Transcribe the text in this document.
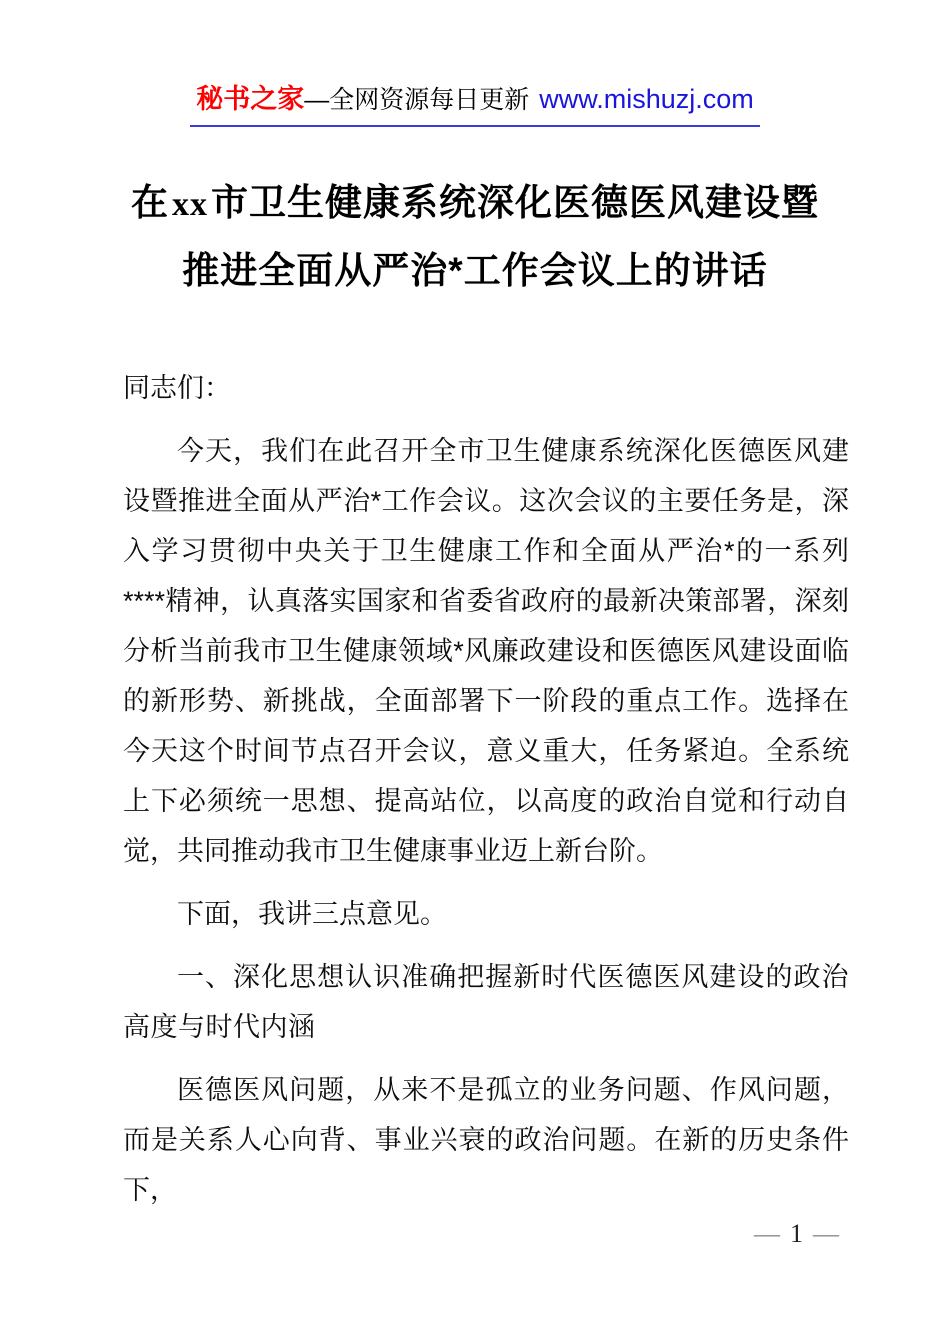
秘书之家—全网资源每日更新 www.mishuzj.com
在xx市卫生健康系统深化医德医风建设暨
推进全面从严治*工作会议上的讲话

同志们：

今天，我们在此召开全市卫生健康系统深化医德医风建设暨推进全面从严治*工作会议。这次会议的主要任务是，深入学习贯彻中央关于卫生健康工作和全面从严治*的一系列****精神，认真落实国家和省委省政府的最新决策部署，深刻分析当前我市卫生健康领域*风廉政建设和医德医风建设面临的新形势、新挑战，全面部署下一阶段的重点工作。选择在今天这个时间节点召开会议，意义重大，任务紧迫。全系统上下必须统一思想、提高站位，以高度的政治自觉和行动自觉，共同推动我市卫生健康事业迈上新台阶。

下面，我讲三点意见。

一、深化思想认识准确把握新时代医德医风建设的政治高度与时代内涵

医德医风问题，从来不是孤立的业务问题、作风问题，而是关系人心向背、事业兴衰的政治问题。在新的历史条件下，

— 1 —
